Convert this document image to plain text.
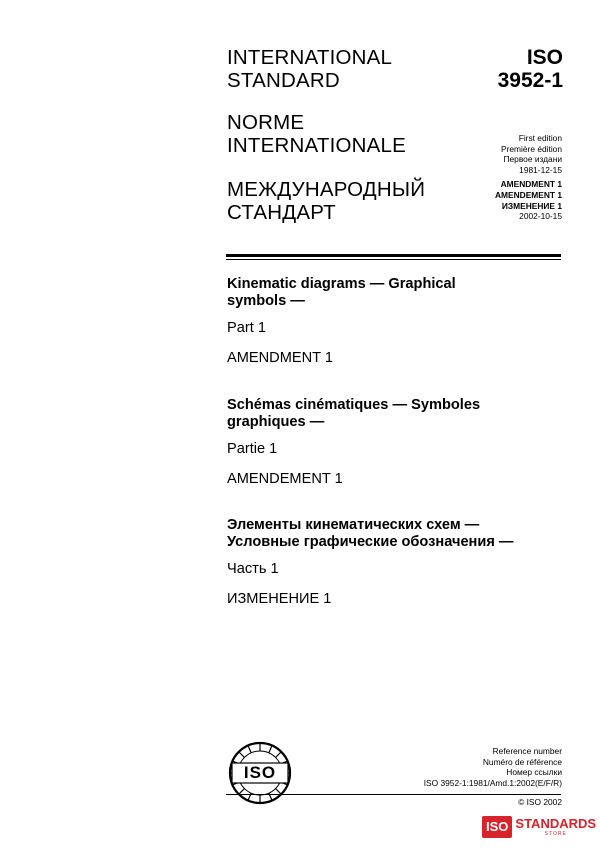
INTERNATIONAL
STANDARD
NORME
INTERNATIONALE
МЕЖДУНАРОДНЫЙ
СТАНДАРТ
ISO
3952-1
First edition
Première édition
Первое издани
1981-12-15
AMENDMENT 1
AMENDEMENT 1
ИЗМЕНЕНИЕ 1
2002-10-15
Kinematic diagrams — Graphical
symbols —
Part 1
AMENDMENT 1
Schémas cinématiques — Symboles
graphiques —
Partie 1
AMENDEMENT 1
Элементы кинематических схем —
Условные графические обозначения —
Часть 1
ИЗМЕНЕНИЕ 1
ISO
Reference number
Numéro de référence
Номер ссылки
ISO 3952-1:1981/Amd.1:2002(E/F/R)
© ISO 2002
ISO STANDARDS
STORE
